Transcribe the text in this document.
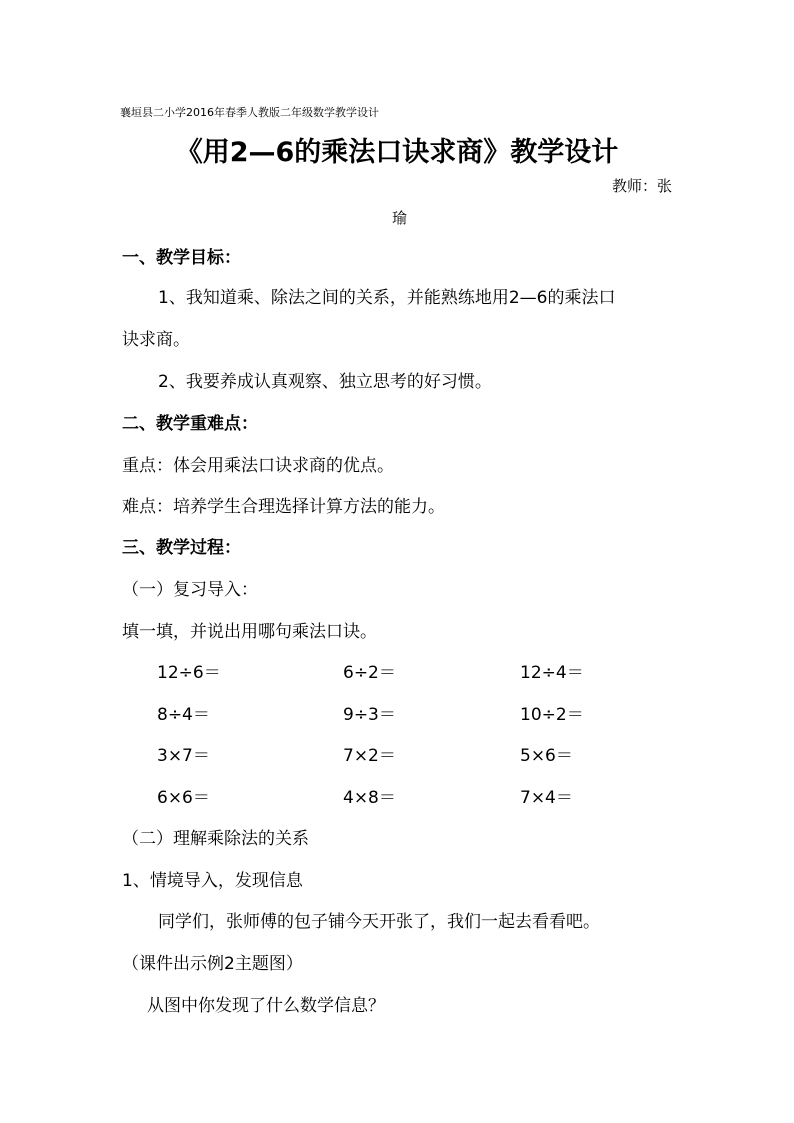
襄垣县二小学2016年春季人教版二年级数学教学设计
《用2—6的乘法口诀求商》教学设计
教师：张
瑜
一、教学目标：
1、我知道乘、除法之间的关系，并能熟练地用2—6的乘法口
诀求商。
2、我要养成认真观察、独立思考的好习惯。
二、教学重难点：
重点：体会用乘法口诀求商的优点。
难点：培养学生合理选择计算方法的能力。
三、教学过程：
（一）复习导入：
填一填，并说出用哪句乘法口诀。
12÷6＝	6÷2＝	12÷4＝
8÷4＝	9÷3＝	10÷2＝
3×7＝	7×2＝	5×6＝
6×6＝	4×8＝	7×4＝
（二）理解乘除法的关系
1、情境导入，发现信息
同学们，张师傅的包子铺今天开张了，我们一起去看看吧。
（课件出示例2主题图）
从图中你发现了什么数学信息？
